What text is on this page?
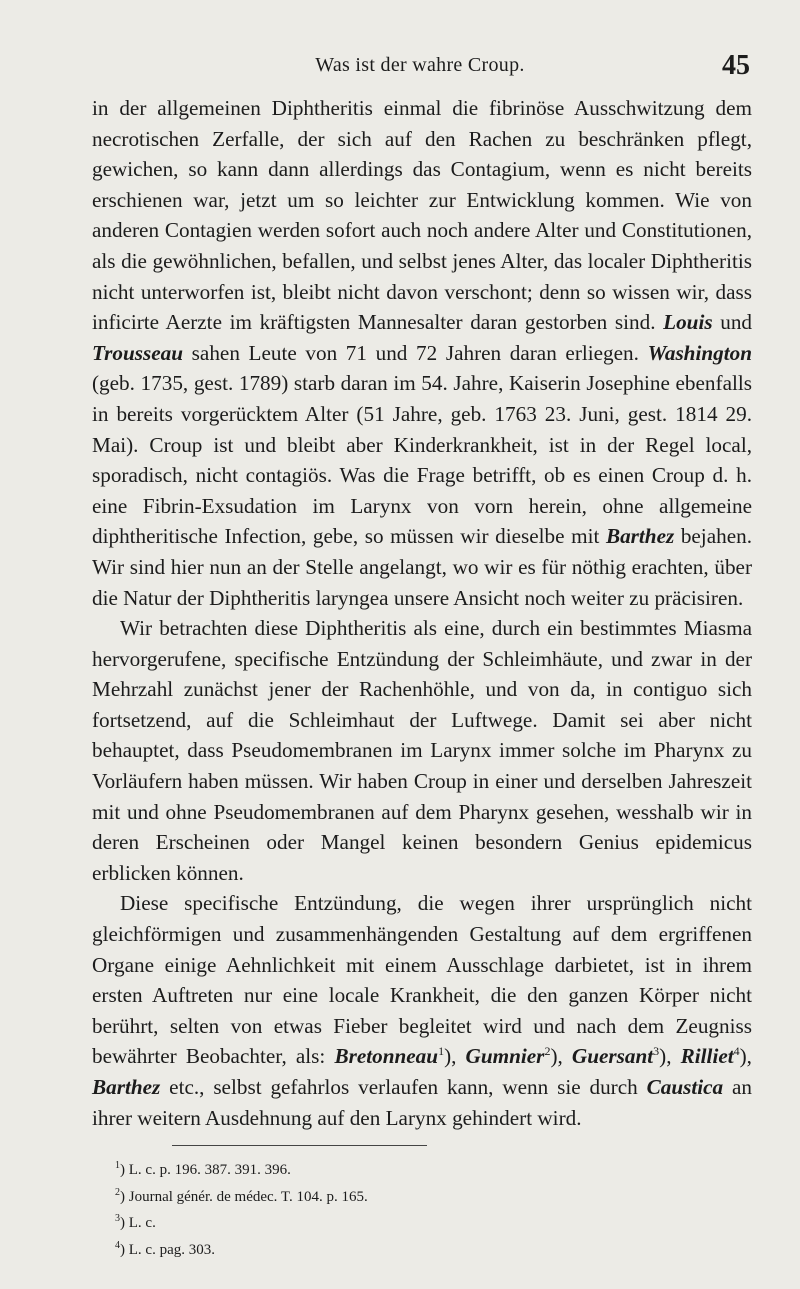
Was ist der wahre Croup.	45

in der allgemeinen Diphtheritis einmal die fibrinöse Ausschwitzung dem necrotischen Zerfalle, der sich auf den Rachen zu beschränken pflegt, gewichen, so kann dann allerdings das Contagium, wenn es nicht bereits erschienen war, jetzt um so leichter zur Entwicklung kommen. Wie von anderen Contagien werden sofort auch noch andere Alter und Constitutionen, als die gewöhnlichen, befallen, und selbst jenes Alter, das localer Diphtheritis nicht unterworfen ist, bleibt nicht davon verschont; denn so wissen wir, dass inficirte Aerzte im kräftigsten Mannesalter daran gestorben sind. Louis und Trousseau sahen Leute von 71 und 72 Jahren daran erliegen. Washington (geb. 1735, gest. 1789) starb daran im 54. Jahre, Kaiserin Josephine ebenfalls in bereits vorgerücktem Alter (51 Jahre, geb. 1763 23. Juni, gest. 1814 29. Mai). Croup ist und bleibt aber Kinderkrankheit, ist in der Regel local, sporadisch, nicht contagiös. Was die Frage betrifft, ob es einen Croup d. h. eine Fibrin-Exsudation im Larynx von vorn herein, ohne allgemeine diphtheritische Infection, gebe, so müssen wir dieselbe mit Barthez bejahen. Wir sind hier nun an der Stelle angelangt, wo wir es für nöthig erachten, über die Natur der Diphtheritis laryngea unsere Ansicht noch weiter zu präcisiren.

Wir betrachten diese Diphtheritis als eine, durch ein bestimmtes Miasma hervorgerufene, specifische Entzündung der Schleimhäute, und zwar in der Mehrzahl zunächst jener der Rachenhöhle, und von da, in contiguo sich fortsetzend, auf die Schleimhaut der Luftwege. Damit sei aber nicht behauptet, dass Pseudomembranen im Larynx immer solche im Pharynx zu Vorläufern haben müssen. Wir haben Croup in einer und derselben Jahreszeit mit und ohne Pseudomembranen auf dem Pharynx gesehen, wesshalb wir in deren Erscheinen oder Mangel keinen besondern Genius epidemicus erblicken können.

Diese specifische Entzündung, die wegen ihrer ursprünglich nicht gleichförmigen und zusammenhängenden Gestaltung auf dem ergriffenen Organe einige Aehnlichkeit mit einem Ausschlage darbietet, ist in ihrem ersten Auftreten nur eine locale Krankheit, die den ganzen Körper nicht berührt, selten von etwas Fieber begleitet wird und nach dem Zeugniss bewährter Beobachter, als: Bretonneau$^1$), Gumnier$^2$), Guersant$^3$), Rilliet$^4$), Barthez etc., selbst gefahrlos verlaufen kann, wenn sie durch Caustica an ihrer weitern Ausdehnung auf den Larynx gehindert wird.

$^1$) L. c. p. 196. 387. 391. 396.
$^2$) Journal génér. de médec. T. 104. p. 165.
$^3$) L. c.
$^4$) L. c. pag. 303.
